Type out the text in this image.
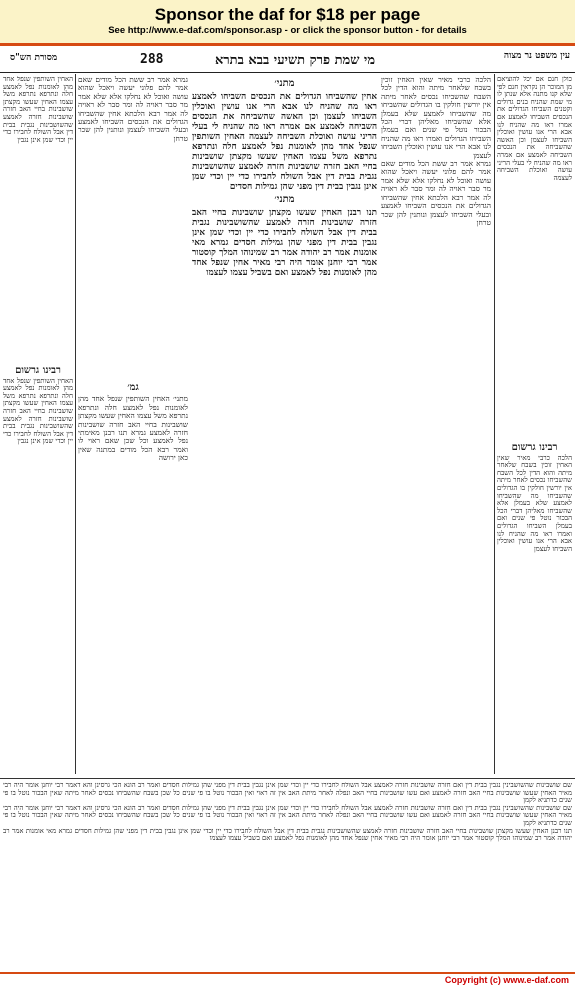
Sponsor the daf for $18 per page
See http://www.e-daf.com/sponsor.asp - or click the sponsor button - for details
עין משפט נר מצוה
מי שמת פרק תשיעי בבא בתרא
288
מסורת הש"ס

כולן חנם אם יכל להוציאם מן המוכר הן נקראין חנם לפי שלא קנו מתנה אלא שנתן לו מי שמת שהניח בנים גדולים וקטנים השביחו הגדולים את הנכסים השביחו לאמצע אם אמרו ראו מה שהניח לנו אבא הרי אנו עושין ואוכלין השביחו לעצמן וכן האשה שהשביחה את הנכסים השביחה לאמצע אם אמרה ראו מה שהניח לי בעלי הריני עושה ואוכלת השביחה לעצמה

רבינו גרשום

הלכה כרבי מאיר שאין האחין זוכין בשבח שלאחר מיתה והוא הדין לכל השבח שהשביחו נכסים לאחר מיתה אין יורשין חולקין בו הגדולים שהשביחו מה שהשביחו לאמצע שלא בעמלן אלא שהשביחו מאליהן דברי הכל הבכור נוטל פי שנים ואם בעמלן השביחו הגדולים ואמרו ראו מה שהניח לנו אבא הרי אנו עושין ואוכלין השביחו לעצמן

הלכה כרבי מאיר שאין האחין זוכין בשבח שלאחר מיתה והוא הדין לכל השבח שהשביחו נכסים לאחר מיתה אין יורשין חולקין בו הגדולים שהשביחו מה שהשביחו לאמצע שלא בעמלן אלא שהשביחו מאליהן דברי הכל הבכור נוטל פי שנים ואם בעמלן השביחו הגדולים ואמרו ראו מה שהניח לנו אבא הרי אנו עושין ואוכלין השביחו לעצמן

גמרא אמר רב ששת הכל מודים שאם אמר להם פלוני יעשה ויאכל שהוא עושה ואוכל לא נחלקו אלא שלא אמר מר סבר ראויה לה ומר סבר לא ראויה לה אמר רבא הלכתא אחין שהשביחו הגדולים את הנכסים השביחו לאמצע ובעלי השביחו לעצמן ונותנין להן שכר טרחן

מתני׳

אחין שהשביחו הגדולים את הנכסים השביחו לאמצע ראו מה שהניח לנו אבא הרי אנו עושין ואוכלין השביחו לעצמן וכן האשה שהשביחה את הנכסים השביחה לאמצע אם אמרה ראו מה שהניח לי בעלי הריני עושה ואוכלת השביחה לעצמה האחין השותפין שנפל אחד מהן לאומנות נפל לאמצע חלה ונתרפא נתרפא משל עצמו האחין שעשו מקצתן שושבינות בחיי האב חזרה שושבינות חזרה לאמצע שהשושבינות נגבית בבית דין אבל השולח לחבירו כדי יין וכדי שמן אינן נגבין בבית דין מפני שהן גמילות חסדים

מתני׳

תנו רבנן האחין שעשו מקצתן שושבינות בחיי האב חזרה שושבינות חזרה לאמצע שהשושבינות נגבית בבית דין אבל השולח לחבירו כדי יין וכדי שמן אינן נגבין בבית דין מפני שהן גמילות חסדים גמרא מאי אומנות אמר רב יהודה אמר רב שמינוהו המלך קוסטור אמר רבי יוחנן אומר היה רבי מאיר אחין שנפל אחד מהן לאומנות נפל לאמצע ואם בשביל עצמו לעצמו

גמרא אמר רב ששת הכל מודים שאם אמר להם פלוני יעשה ויאכל שהוא עושה ואוכל לא נחלקו אלא שלא אמר מר סבר ראויה לה ומר סבר לא ראויה לה אמר רבא הלכתא אחין שהשביחו הגדולים את הנכסים השביחו לאמצע ובעלי השביחו לעצמן ונותנין להן שכר טרחן

גמ׳

מתני׳ האחין השותפין שנפל אחד מהן לאומנות נפל לאמצע חלה ונתרפא נתרפא משל עצמו האחין שעשו מקצתן שושבינות בחיי האב חזרה שושבינות חזרה לאמצע גמרא תנו רבנן מאימתי נפל לאמצע וכל שכן שאם ראוי לו ואמר רבא הכל מודים במתנה שאין כאן ירושה

האחין השותפין שנפל אחד מהן לאומנות נפל לאמצע חלה ונתרפא נתרפא משל עצמו האחין שעשו מקצתן שושבינות בחיי האב חזרה שושבינות חזרה לאמצע שהשושבינות נגבית בבית דין אבל השולח לחבירו כדי יין וכדי שמן אינן נגבין

רבינו גרשום

האחין השותפין שנפל אחד מהן לאומנות נפל לאמצע חלה ונתרפא נתרפא משל עצמו האחין שעשו מקצתן שושבינות בחיי האב חזרה שושבינות חזרה לאמצע שהשושבינות נגבית בבית דין אבל השולח לחבירו כדי יין וכדי שמן אינן נגבין

שם שושבינות שהשושבינין נגבין בבית דין ואם חזרה שושבינות חזרה לאמצע אבל השולח לחבירו כדי יין וכדי שמן אינן נגבין בבית דין מפני שהן גמילות חסדים ואמר רב הונא הכי גרסינן והא דאמר רבי יוחנן אומר היה רבי מאיר האחין שעשו שושבינות בחיי האב חזרה לאמצע ואם עשו שושבינות בחיי האב ונפלה לאחר מיתת האב אין זה ראוי ואין הבכור נוטל בו פי שנים כל שכן בשבח שהשביחו נכסים לאחר מיתה שאין הבכור נוטל בו פי שנים כדתניא לקמן

שם שושבינות שהשושבינין נגבין בבית דין ואם חזרה שושבינות חזרה לאמצע אבל השולח לחבירו כדי יין וכדי שמן אינן נגבין בבית דין מפני שהן גמילות חסדים ואמר רב הונא הכי גרסינן והא דאמר רבי יוחנן אומר היה רבי מאיר האחין שעשו שושבינות בחיי האב חזרה לאמצע ואם עשו שושבינות בחיי האב ונפלה לאחר מיתת האב אין זה ראוי ואין הבכור נוטל בו פי שנים כל שכן בשבח שהשביחו נכסים לאחר מיתה שאין הבכור נוטל בו פי שנים כדתניא לקמן

תנו רבנן האחין שעשו מקצתן שושבינות בחיי האב חזרה שושבינות חזרה לאמצע שהשושבינות נגבית בבית דין אבל השולח לחבירו כדי יין וכדי שמן אינן נגבין בבית דין מפני שהן גמילות חסדים גמרא מאי אומנות אמר רב יהודה אמר רב שמינוהו המלך קוסטור אמר רבי יוחנן אומר היה רבי מאיר אחין שנפל אחד מהן לאומנות נפל לאמצע ואם בשביל עצמו לעצמו

Copyright (c) www.e-daf.com
